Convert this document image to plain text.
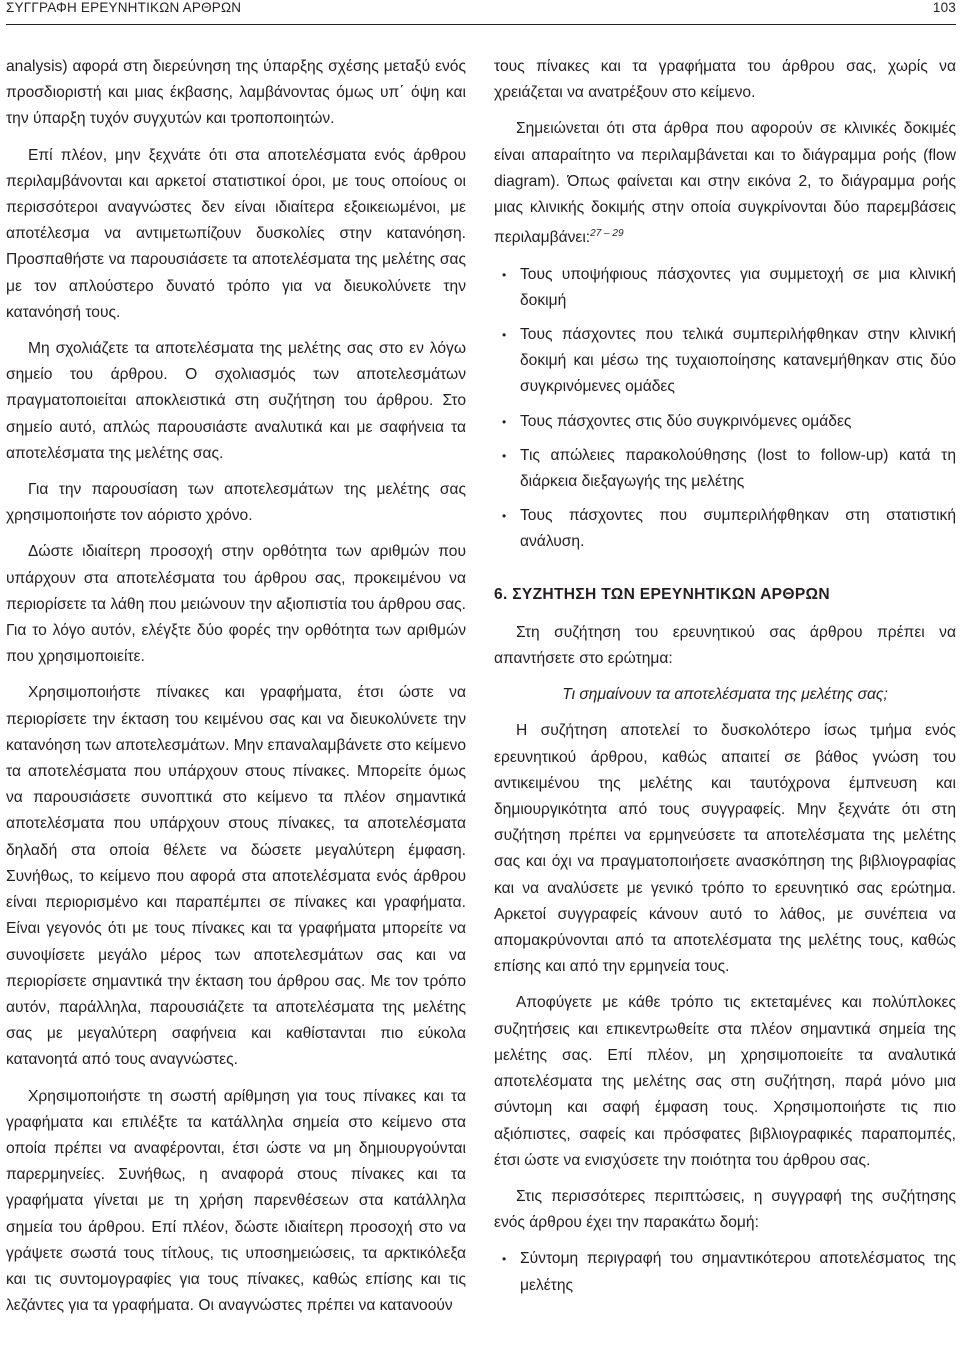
ΣΥΓΓΡΑΦΗ ΕΡΕΥΝΗΤΙΚΩΝ ΑΡΘΡΩΝ	103

analysis) αφορά στη διερεύνηση της ύπαρξης σχέσης μεταξύ ενός προσδιοριστή και μιας έκβασης, λαμβάνοντας όμως υπ΄ όψη και την ύπαρξη τυχόν συγχυτών και τροποποιητών.

Επί πλέον, μην ξεχνάτε ότι στα αποτελέσματα ενός άρθρου περιλαμβάνονται και αρκετοί στατιστικοί όροι, με τους οποίους οι περισσότεροι αναγνώστες δεν είναι ιδιαίτερα εξοικειωμένοι, με αποτέλεσμα να αντιμετωπίζουν δυσκολίες στην κατανόηση. Προσπαθήστε να παρουσιάσετε τα αποτελέσματα της μελέτης σας με τον απλούστερο δυνατό τρόπο για να διευκολύνετε την κατανόησή τους.

Μη σχολιάζετε τα αποτελέσματα της μελέτης σας στο εν λόγω σημείο του άρθρου. Ο σχολιασμός των αποτελεσμάτων πραγματοποιείται αποκλειστικά στη συζήτηση του άρθρου. Στο σημείο αυτό, απλώς παρουσιάστε αναλυτικά και με σαφήνεια τα αποτελέσματα της μελέτης σας.

Για την παρουσίαση των αποτελεσμάτων της μελέτης σας χρησιμοποιήστε τον αόριστο χρόνο.

Δώστε ιδιαίτερη προσοχή στην ορθότητα των αριθμών που υπάρχουν στα αποτελέσματα του άρθρου σας, προκειμένου να περιορίσετε τα λάθη που μειώνουν την αξιοπιστία του άρθρου σας. Για το λόγο αυτόν, ελέγξτε δύο φορές την ορθότητα των αριθμών που χρησιμοποιείτε.

Χρησιμοποιήστε πίνακες και γραφήματα, έτσι ώστε να περιορίσετε την έκταση του κειμένου σας και να διευκολύνετε την κατανόηση των αποτελεσμάτων. Μην επαναλαμβάνετε στο κείμενο τα αποτελέσματα που υπάρχουν στους πίνακες. Μπορείτε όμως να παρουσιάσετε συνοπτικά στο κείμενο τα πλέον σημαντικά αποτελέσματα που υπάρχουν στους πίνακες, τα αποτελέσματα δηλαδή στα οποία θέλετε να δώσετε μεγαλύτερη έμφαση. Συνήθως, το κείμενο που αφορά στα αποτελέσματα ενός άρθρου είναι περιορισμένο και παραπέμπει σε πίνακες και γραφήματα. Είναι γεγονός ότι με τους πίνακες και τα γραφήματα μπορείτε να συνοψίσετε μεγάλο μέρος των αποτελεσμάτων σας και να περιορίσετε σημαντικά την έκταση του άρθρου σας. Με τον τρόπο αυτόν, παράλληλα, παρουσιάζετε τα αποτελέσματα της μελέτης σας με μεγαλύτερη σαφήνεια και καθίστανται πιο εύκολα κατανοητά από τους αναγνώστες.

Χρησιμοποιήστε τη σωστή αρίθμηση για τους πίνακες και τα γραφήματα και επιλέξτε τα κατάλληλα σημεία στο κείμενο στα οποία πρέπει να αναφέρονται, έτσι ώστε να μη δημιουργούνται παρερμηνείες. Συνήθως, η αναφορά στους πίνακες και τα γραφήματα γίνεται με τη χρήση παρενθέσεων στα κατάλληλα σημεία του άρθρου. Επί πλέον, δώστε ιδιαίτερη προσοχή στο να γράψετε σωστά τους τίτλους, τις υποσημειώσεις, τα αρκτικόλεξα και τις συντομογραφίες για τους πίνακες, καθώς επίσης και τις λεζάντες για τα γραφήματα. Οι αναγνώστες πρέπει να κατανοούν

τους πίνακες και τα γραφήματα του άρθρου σας, χωρίς να χρειάζεται να ανατρέξουν στο κείμενο.

Σημειώνεται ότι στα άρθρα που αφορούν σε κλινικές δοκιμές είναι απαραίτητο να περιλαμβάνεται και το διάγραμμα ροής (flow diagram). Όπως φαίνεται και στην εικόνα 2, το διάγραμμα ροής μιας κλινικής δοκιμής στην οποία συγκρίνονται δύο παρεμβάσεις περιλαμβάνει:$^{27 - 29}$

• Τους υποψήφιους πάσχοντες για συμμετοχή σε μια κλινική δοκιμή
• Τους πάσχοντες που τελικά συμπεριλήφθηκαν στην κλινική δοκιμή και μέσω της τυχαιοποίησης κατανεμήθηκαν στις δύο συγκρινόμενες ομάδες
• Τους πάσχοντες στις δύο συγκρινόμενες ομάδες
• Τις απώλειες παρακολούθησης (lost to follow-up) κατά τη διάρκεια διεξαγωγής της μελέτης
• Τους πάσχοντες που συμπεριλήφθηκαν στη στατιστική ανάλυση.
6. ΣΥΖΗΤΗΣΗ ΤΩΝ ΕΡΕΥΝΗΤΙΚΩΝ ΑΡΘΡΩΝ

Στη συζήτηση του ερευνητικού σας άρθρου πρέπει να απαντήσετε στο ερώτημα:

Τι σημαίνουν τα αποτελέσματα της μελέτης σας;

Η συζήτηση αποτελεί το δυσκολότερο ίσως τμήμα ενός ερευνητικού άρθρου, καθώς απαιτεί σε βάθος γνώση του αντικειμένου της μελέτης και ταυτόχρονα έμπνευση και δημιουργικότητα από τους συγγραφείς. Μην ξεχνάτε ότι στη συζήτηση πρέπει να ερμηνεύσετε τα αποτελέσματα της μελέτης σας και όχι να πραγματοποιήσετε ανασκόπηση της βιβλιογραφίας και να αναλύσετε με γενικό τρόπο το ερευνητικό σας ερώτημα. Αρκετοί συγγραφείς κάνουν αυτό το λάθος, με συνέπεια να απομακρύνονται από τα αποτελέσματα της μελέτης τους, καθώς επίσης και από την ερμηνεία τους.

Αποφύγετε με κάθε τρόπο τις εκτεταμένες και πολύπλοκες συζητήσεις και επικεντρωθείτε στα πλέον σημαντικά σημεία της μελέτης σας. Επί πλέον, μη χρησιμοποιείτε τα αναλυτικά αποτελέσματα της μελέτης σας στη συζήτηση, παρά μόνο μια σύντομη και σαφή έμφαση τους. Χρησιμοποιήστε τις πιο αξιόπιστες, σαφείς και πρόσφατες βιβλιογραφικές παραπομπές, έτσι ώστε να ενισχύσετε την ποιότητα του άρθρου σας.

Στις περισσότερες περιπτώσεις, η συγγραφή της συζήτησης ενός άρθρου έχει την παρακάτω δομή:

• Σύντομη περιγραφή του σημαντικότερου αποτελέσματος της μελέτης
